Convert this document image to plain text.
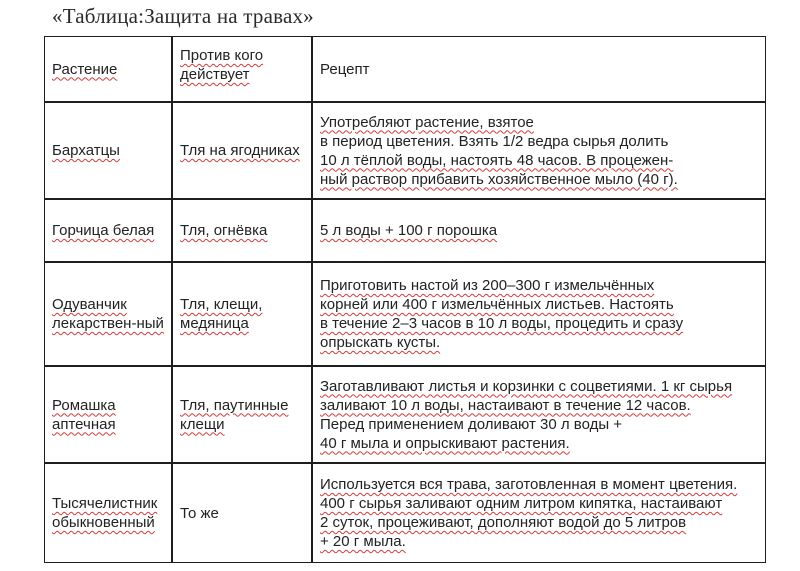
«Таблица:Защита на травах»
Растение	Против кого действует	Рецепт
Бархатцы	Тля на ягодниках	Употребляют растение, взятое
в период цветения. Взять 1/2 ведра сырья долить
10 л тёплой воды, настоять 48 часов. В процежен-
ный раствор прибавить хозяйственное мыло (40 г).

Горчица белая	Тля, огнёвка	5 л воды + 100 г порошка

Одуванчик лекарствен-ный	Тля, клещи, медяница	Приготовить настой из 200–300 г измельчённых
корней или 400 г измельчённых листьев. Настоять
в течение 2–3 часов в 10 л воды, процедить и сразу
опрыскать кусты.

Ромашка аптечная	Тля, паутинные клещи	Заготавливают листья и корзинки с соцветиями. 1 кг сырья
заливают 10 л воды, настаивают в течение 12 часов.
Перед применением доливают 30 л воды +
40 г мыла и опрыскивают растения.

Тысячелистник обыкновенный	То же	Используется вся трава, заготовленная в момент цветения.
400 г сырья заливают одним литром кипятка, настаивают
2 суток, процеживают, дополняют водой до 5 литров
+ 20 г мыла.
